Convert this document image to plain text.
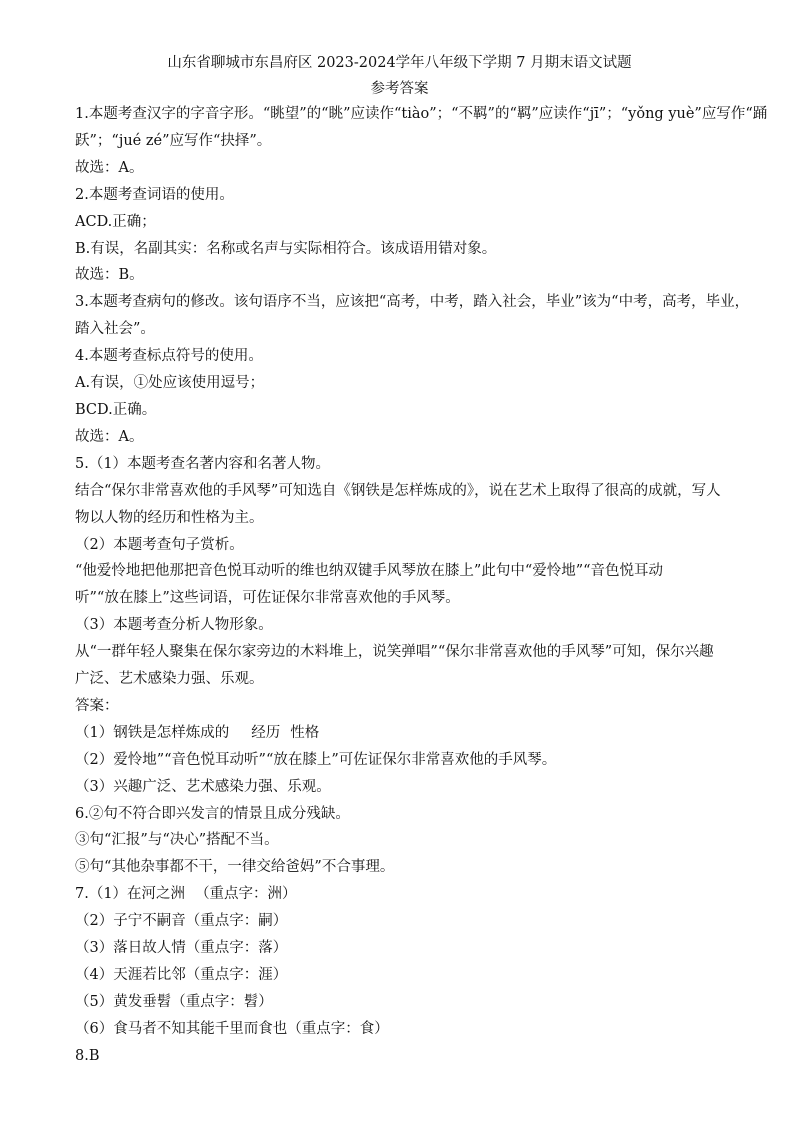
山东省聊城市东昌府区 2023-2024学年八年级下学期 7 月期末语文试题
参考答案

1.本题考查汉字的字音字形。“眺望”的“眺”应读作“tiào”；“不羁”的“羁”应读作“jī”；“yǒng yuè”应写作“踊

跃”；“jué zé”应写作“抉择”。

故选：A。

2.本题考查词语的使用。

ACD.正确；

B.有误，名副其实：名称或名声与实际相符合。该成语用错对象。

故选：B。

3.本题考查病句的修改。该句语序不当，应该把“高考，中考，踏入社会，毕业”该为“中考，高考，毕业，

踏入社会”。

4.本题考查标点符号的使用。

A.有误，①处应该使用逗号；

BCD.正确。

故选：A。

5.（1）本题考查名著内容和名著人物。

结合“保尔非常喜欢他的手风琴”可知选自《钢铁是怎样炼成的》，说在艺术上取得了很高的成就，写人

物以人物的经历和性格为主。

（2）本题考查句子赏析。

“他爱怜地把他那把音色悦耳动听的维也纳双键手风琴放在膝上”此句中“爱怜地”“音色悦耳动

听”“放在膝上”这些词语，可佐证保尔非常喜欢他的手风琴。

（3）本题考查分析人物形象。

从“一群年轻人聚集在保尔家旁边的木料堆上，说笑弹唱”“保尔非常喜欢他的手风琴”可知，保尔兴趣

广泛、艺术感染力强、乐观。

答案：

（1）钢铁是怎样炼成的 经历 性格

（2）爱怜地”“音色悦耳动听”“放在膝上”可佐证保尔非常喜欢他的手风琴。

（3）兴趣广泛、艺术感染力强、乐观。

6.②句不符合即兴发言的情景且成分残缺。

③句“汇报”与“决心”搭配不当。

⑤句“其他杂事都不干，一律交给爸妈”不合事理。

7.（1）在河之洲 （重点字：洲）

（2）子宁不嗣音（重点字：嗣）

（3）落日故人情（重点字：落）

（4）天涯若比邻（重点字：涯）

（5）黄发垂髫（重点字：髫）

（6）食马者不知其能千里而食也（重点字：食）

8.B
